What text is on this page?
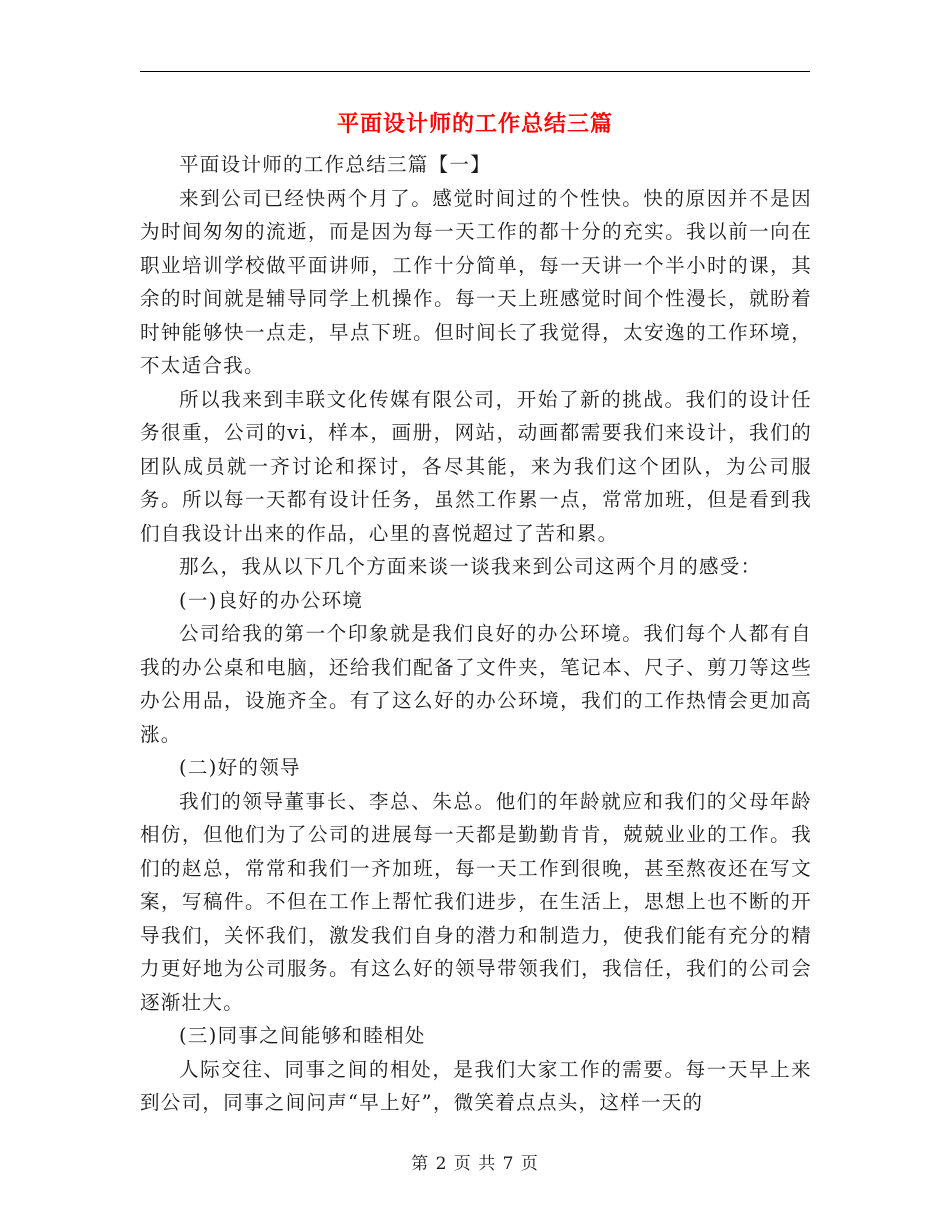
平面设计师的工作总结三篇

平面设计师的工作总结三篇【一】

来到公司已经快两个月了。感觉时间过的个性快。快的原因并不是因为时间匆匆的流逝，而是因为每一天工作的都十分的充实。我以前一向在职业培训学校做平面讲师，工作十分简单，每一天讲一个半小时的课，其余的时间就是辅导同学上机操作。每一天上班感觉时间个性漫长，就盼着时钟能够快一点走，早点下班。但时间长了我觉得，太安逸的工作环境，不太适合我。

所以我来到丰联文化传媒有限公司，开始了新的挑战。我们的设计任务很重，公司的vi，样本，画册，网站，动画都需要我们来设计，我们的团队成员就一齐讨论和探讨，各尽其能，来为我们这个团队，为公司服务。所以每一天都有设计任务，虽然工作累一点，常常加班，但是看到我们自我设计出来的作品，心里的喜悦超过了苦和累。

那么，我从以下几个方面来谈一谈我来到公司这两个月的感受：

(一)良好的办公环境

公司给我的第一个印象就是我们良好的办公环境。我们每个人都有自我的办公桌和电脑，还给我们配备了文件夹，笔记本、尺子、剪刀等这些办公用品，设施齐全。有了这么好的办公环境，我们的工作热情会更加高涨。

(二)好的领导

我们的领导董事长、李总、朱总。他们的年龄就应和我们的父母年龄相仿，但他们为了公司的进展每一天都是勤勤肯肯，兢兢业业的工作。我们的赵总，常常和我们一齐加班，每一天工作到很晚，甚至熬夜还在写文案，写稿件。不但在工作上帮忙我们进步，在生活上，思想上也不断的开导我们，关怀我们，激发我们自身的潜力和制造力，使我们能有充分的精力更好地为公司服务。有这么好的领导带领我们，我信任，我们的公司会逐渐壮大。

(三)同事之间能够和睦相处

人际交往、同事之间的相处，是我们大家工作的需要。每一天早上来到公司，同事之间问声“早上好”，微笑着点点头，这样一天的

第 2 页 共 7 页
